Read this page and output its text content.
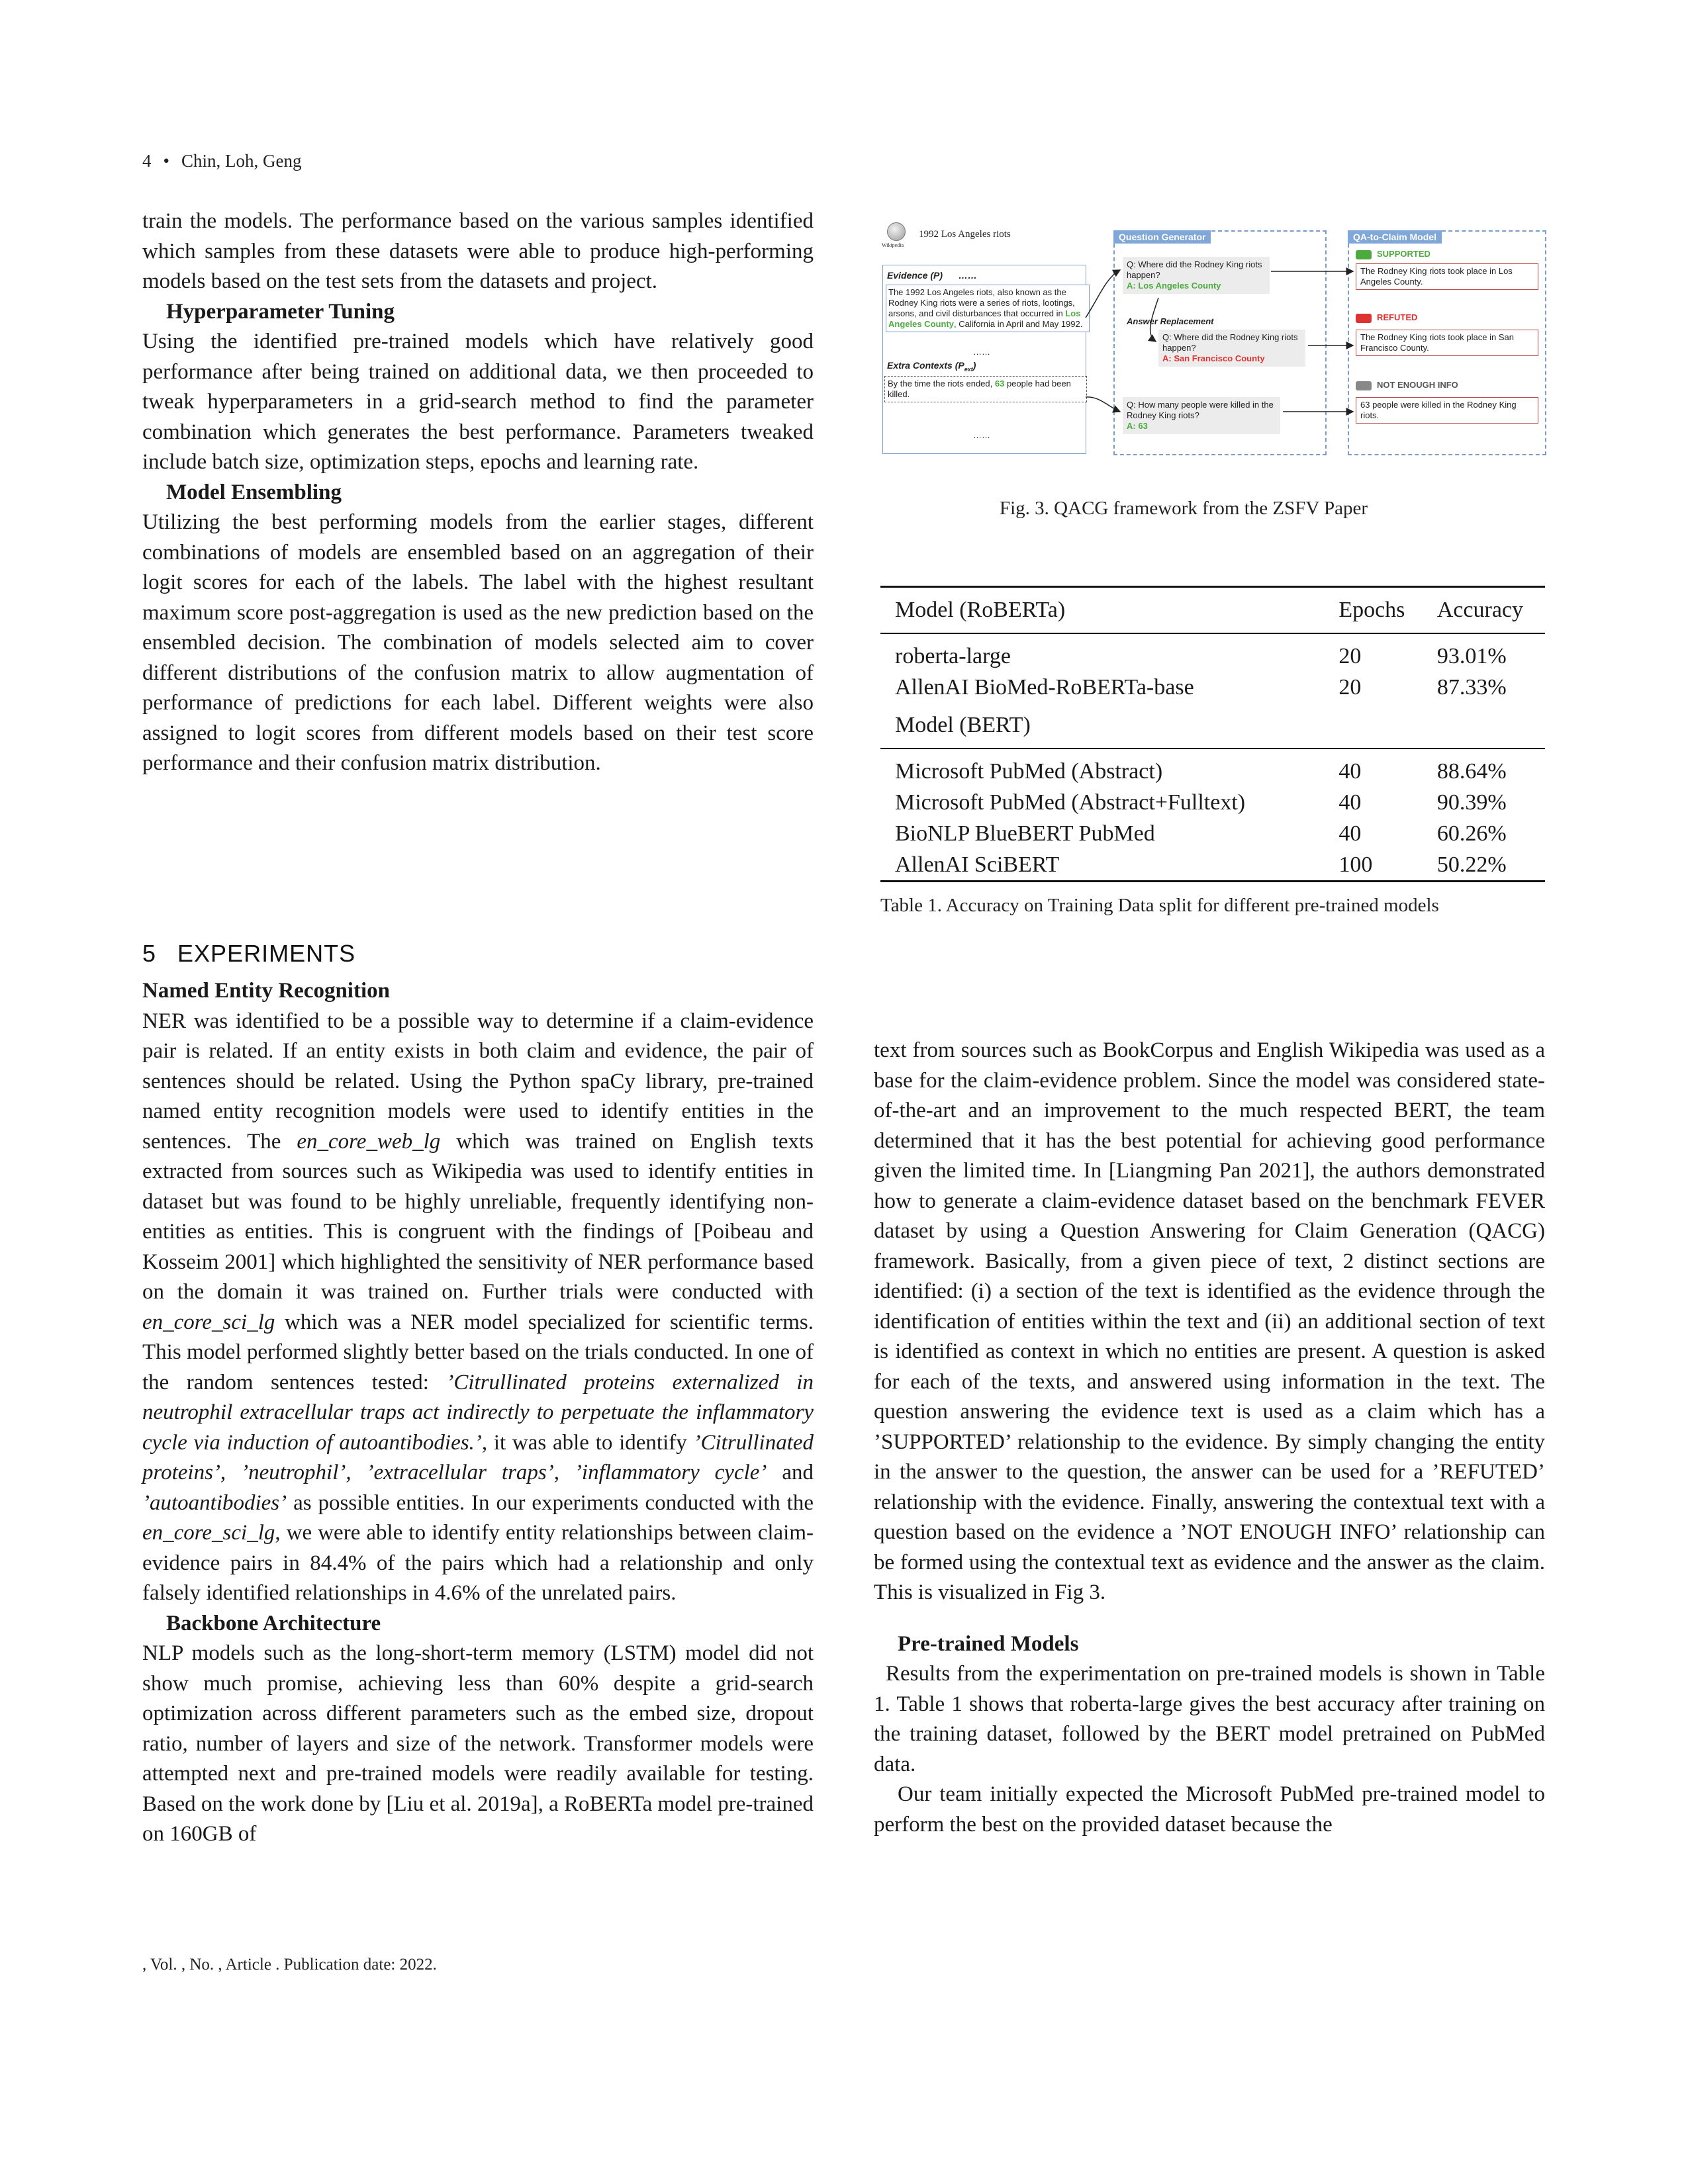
4 • Chin, Loh, Geng

train the models. The performance based on the various samples identified which samples from these datasets were able to produce high-performing models based on the test sets from the datasets and project.

Hyperparameter Tuning

Using the identified pre-trained models which have relatively good performance after being trained on additional data, we then proceeded to tweak hyperparameters in a grid-search method to find the parameter combination which generates the best performance. Parameters tweaked include batch size, optimization steps, epochs and learning rate.

Model Ensembling

Utilizing the best performing models from the earlier stages, different combinations of models are ensembled based on an aggregation of their logit scores for each of the labels. The label with the highest resultant maximum score post-aggregation is used as the new prediction based on the ensembled decision. The combination of models selected aim to cover different distributions of the confusion matrix to allow augmentation of performance of predictions for each label. Different weights were also assigned to logit scores from different models based on their test score performance and their confusion matrix distribution.

5 EXPERIMENTS

Named Entity Recognition

NER was identified to be a possible way to determine if a claim-evidence pair is related. If an entity exists in both claim and evidence, the pair of sentences should be related. Using the Python spaCy library, pre-trained named entity recognition models were used to identify entities in the sentences. The en_core_web_lg which was trained on English texts extracted from sources such as Wikipedia was used to identify entities in dataset but was found to be highly unreliable, frequently identifying non-entities as entities. This is congruent with the findings of [Poibeau and Kosseim 2001] which highlighted the sensitivity of NER performance based on the domain it was trained on. Further trials were conducted with en_core_sci_lg which was a NER model specialized for scientific terms. This model performed slightly better based on the trials conducted. In one of the random sentences tested: ’Citrullinated proteins externalized in neutrophil extracellular traps act indirectly to perpetuate the inflammatory cycle via induction of autoantibodies.’, it was able to identify ’Citrullinated proteins’, ’neutrophil’, ’extracellular traps’, ’inflammatory cycle’ and ’autoantibodies’ as possible entities. In our experiments conducted with the en_core_sci_lg, we were able to identify entity relationships between claim-evidence pairs in 84.4% of the pairs which had a relationship and only falsely identified relationships in 4.6% of the unrelated pairs.

Backbone Architecture

NLP models such as the long-short-term memory (LSTM) model did not show much promise, achieving less than 60% despite a grid-search optimization across different parameters such as the embed size, dropout ratio, number of layers and size of the network. Transformer models were attempted next and pre-trained models were readily available for testing. Based on the work done by [Liu et al. 2019a], a RoBERTa model pre-trained on 160GB of

text from sources such as BookCorpus and English Wikipedia was used as a base for the claim-evidence problem. Since the model was considered state-of-the-art and an improvement to the much respected BERT, the team determined that it has the best potential for achieving good performance given the limited time. In [Liangming Pan 2021], the authors demonstrated how to generate a claim-evidence dataset based on the benchmark FEVER dataset by using a Question Answering for Claim Generation (QACG) framework. Basically, from a given piece of text, 2 distinct sections are identified: (i) a section of the text is identified as the evidence through the identification of entities within the text and (ii) an additional section of text is identified as context in which no entities are present. A question is asked for each of the texts, and answered using information in the text. The question answering the evidence text is used as a claim which has a ’SUPPORTED’ relationship to the evidence. By simply changing the entity in the answer to the question, the answer can be used for a ’REFUTED’ relationship with the evidence. Finally, answering the contextual text with a question based on the evidence a ’NOT ENOUGH INFO’ relationship can be formed using the contextual text as evidence and the answer as the claim. This is visualized in Fig 3.

Pre-trained Models

Results from the experimentation on pre-trained models is shown in Table 1. Table 1 shows that roberta-large gives the best accuracy after training on the training dataset, followed by the BERT model pretrained on PubMed data.

Our team initially expected the Microsoft PubMed pre-trained model to perform the best on the provided dataset because the

Wikipedia
1992 Los Angeles riots
Evidence (P) ……
The 1992 Los Angeles riots, also known as the Rodney King riots were a series of riots, lootings, arsons, and civil disturbances that occurred in Los Angeles County, California in April and May 1992.
……
Extra Contexts $(P_{ext})$
By the time the riots ended, 63 people had been killed.
……
Question Generator
Q: Where did the Rodney King riots happen?
A: Los Angeles County
Answer Replacement
Q: Where did the Rodney King riots happen?
A: San Francisco County
Q: How many people were killed in the Rodney King riots?
A: 63
QA-to-Claim Model
SUPPORTED
The Rodney King riots took place in Los Angeles County.
REFUTED
The Rodney King riots took place in San Francisco County.
NOT ENOUGH INFO
63 people were killed in the Rodney King riots.
Fig. 3. QACG framework from the ZSFV Paper
Model (RoBERTa)	Epochs	Accuracy

roberta-large	20	93.01%
AllenAI BioMed-RoBERTa-base	20	87.33%
Model (BERT)		

Microsoft PubMed (Abstract)	40	88.64%
Microsoft PubMed (Abstract+Fulltext)	40	90.39%
BioNLP BlueBERT PubMed	40	60.26%
AllenAI SciBERT	100	50.22%
Table 1. Accuracy on Training Data split for different pre-trained models
, Vol. , No. , Article . Publication date: 2022.
